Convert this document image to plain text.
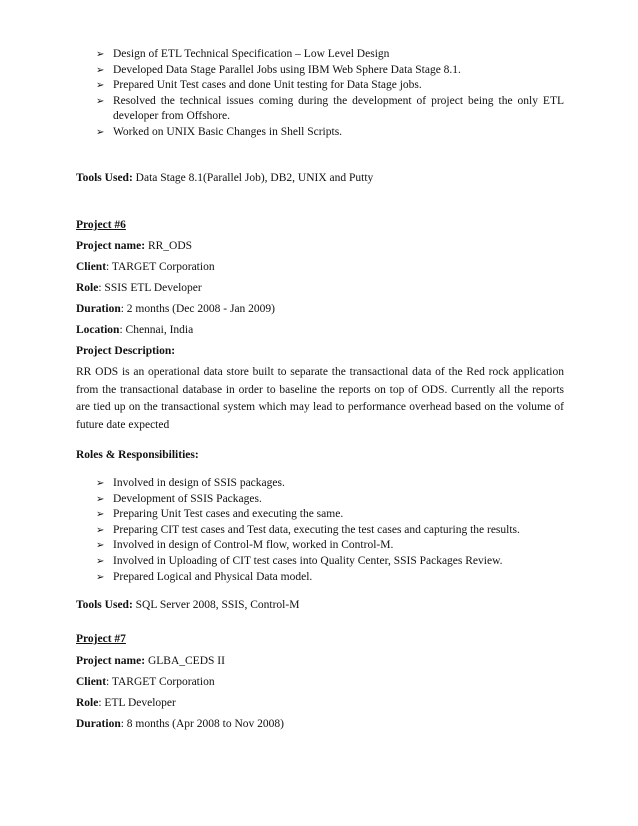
➢ Design of ETL Technical Specification – Low Level Design
➢ Developed Data Stage Parallel Jobs using IBM Web Sphere Data Stage 8.1.
➢ Prepared Unit Test cases and done Unit testing for Data Stage jobs.
➢ Resolved the technical issues coming during the development of project being the only ETL developer from Offshore.
➢ Worked on UNIX Basic Changes in Shell Scripts.
Tools Used: Data Stage 8.1(Parallel Job), DB2, UNIX and Putty
Project #6
Project name: RR_ODS
Client: TARGET Corporation
Role: SSIS ETL Developer
Duration: 2 months (Dec 2008 - Jan 2009)
Location: Chennai, India
Project Description:
RR ODS is an operational data store built to separate the transactional data of the Red rock application
from the transactional database in order to baseline the reports on top of ODS. Currently all the reports
are tied up on the transactional system which may lead to performance overhead based on the volume of
future date expected
Roles & Responsibilities:
➢ Involved in design of SSIS packages.
➢ Development of SSIS Packages.
➢ Preparing Unit Test cases and executing the same.
➢ Preparing CIT test cases and Test data, executing the test cases and capturing the results.
➢ Involved in design of Control-M flow, worked in Control-M.
➢ Involved in Uploading of CIT test cases into Quality Center, SSIS Packages Review.
➢ Prepared Logical and Physical Data model.
Tools Used: SQL Server 2008, SSIS, Control-M
Project #7
Project name: GLBA_CEDS II
Client: TARGET Corporation
Role: ETL Developer
Duration: 8 months (Apr 2008 to Nov 2008)
